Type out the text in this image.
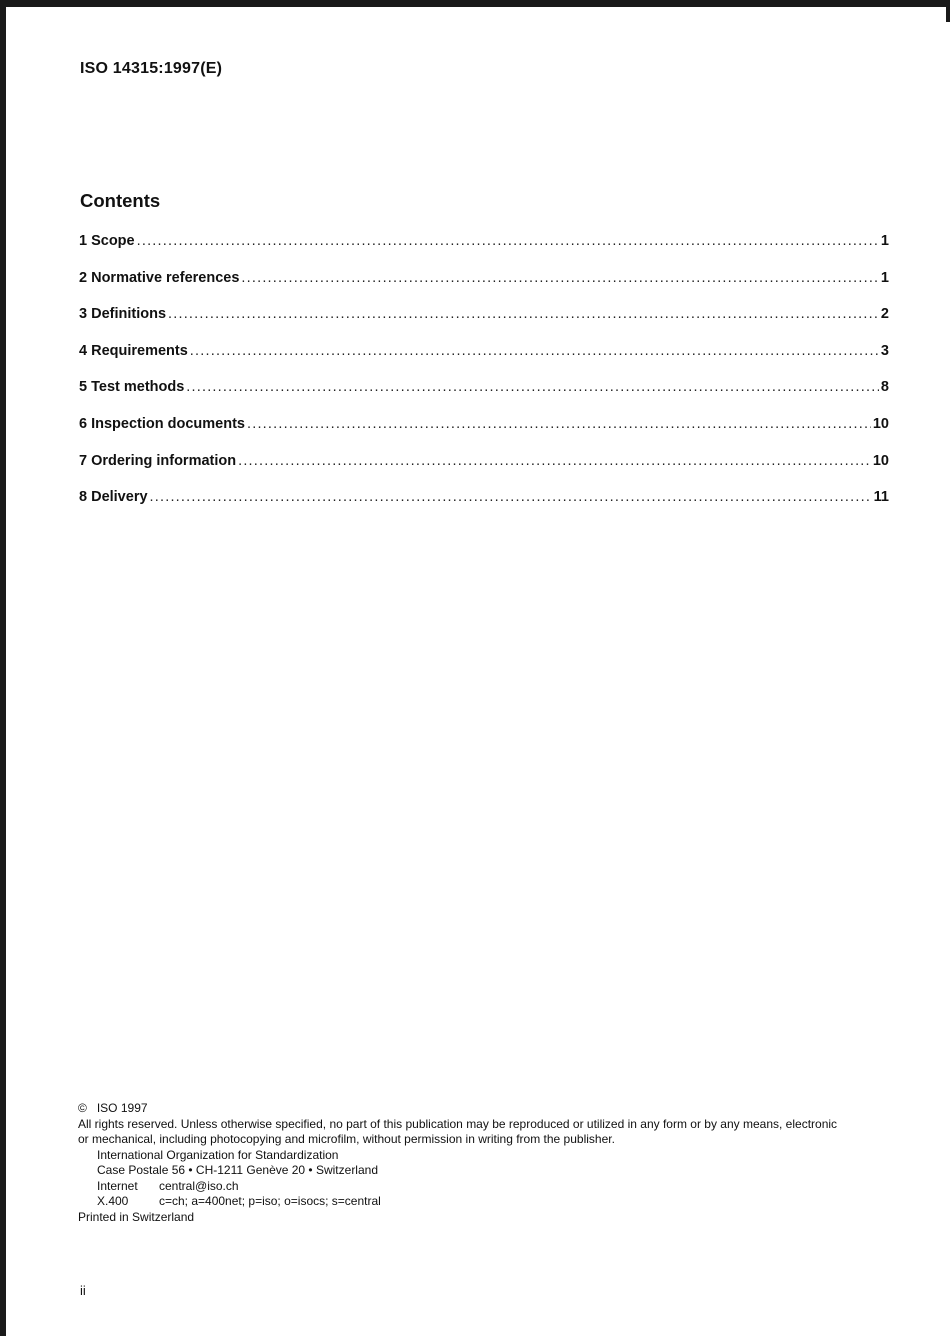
ISO 14315:1997(E)
Contents
1 Scope .....	1
2 Normative references .....	1
3 Definitions .....	2
4 Requirements .....	3
5 Test methods .....	8
6 Inspection documents .....	10
7 Ordering information .....	10
8 Delivery .....	11

© ISO 1997

All rights reserved. Unless otherwise specified, no part of this publication may be reproduced or utilized in any form or by any means, electronic

or mechanical, including photocopying and microfilm, without permission in writing from the publisher.

International Organization for Standardization

Case Postale 56 • CH-1211 Genève 20 • Switzerland

Internet	central@iso.ch

X.400	c=ch; a=400net; p=iso; o=isocs; s=central

Printed in Switzerland

ii
